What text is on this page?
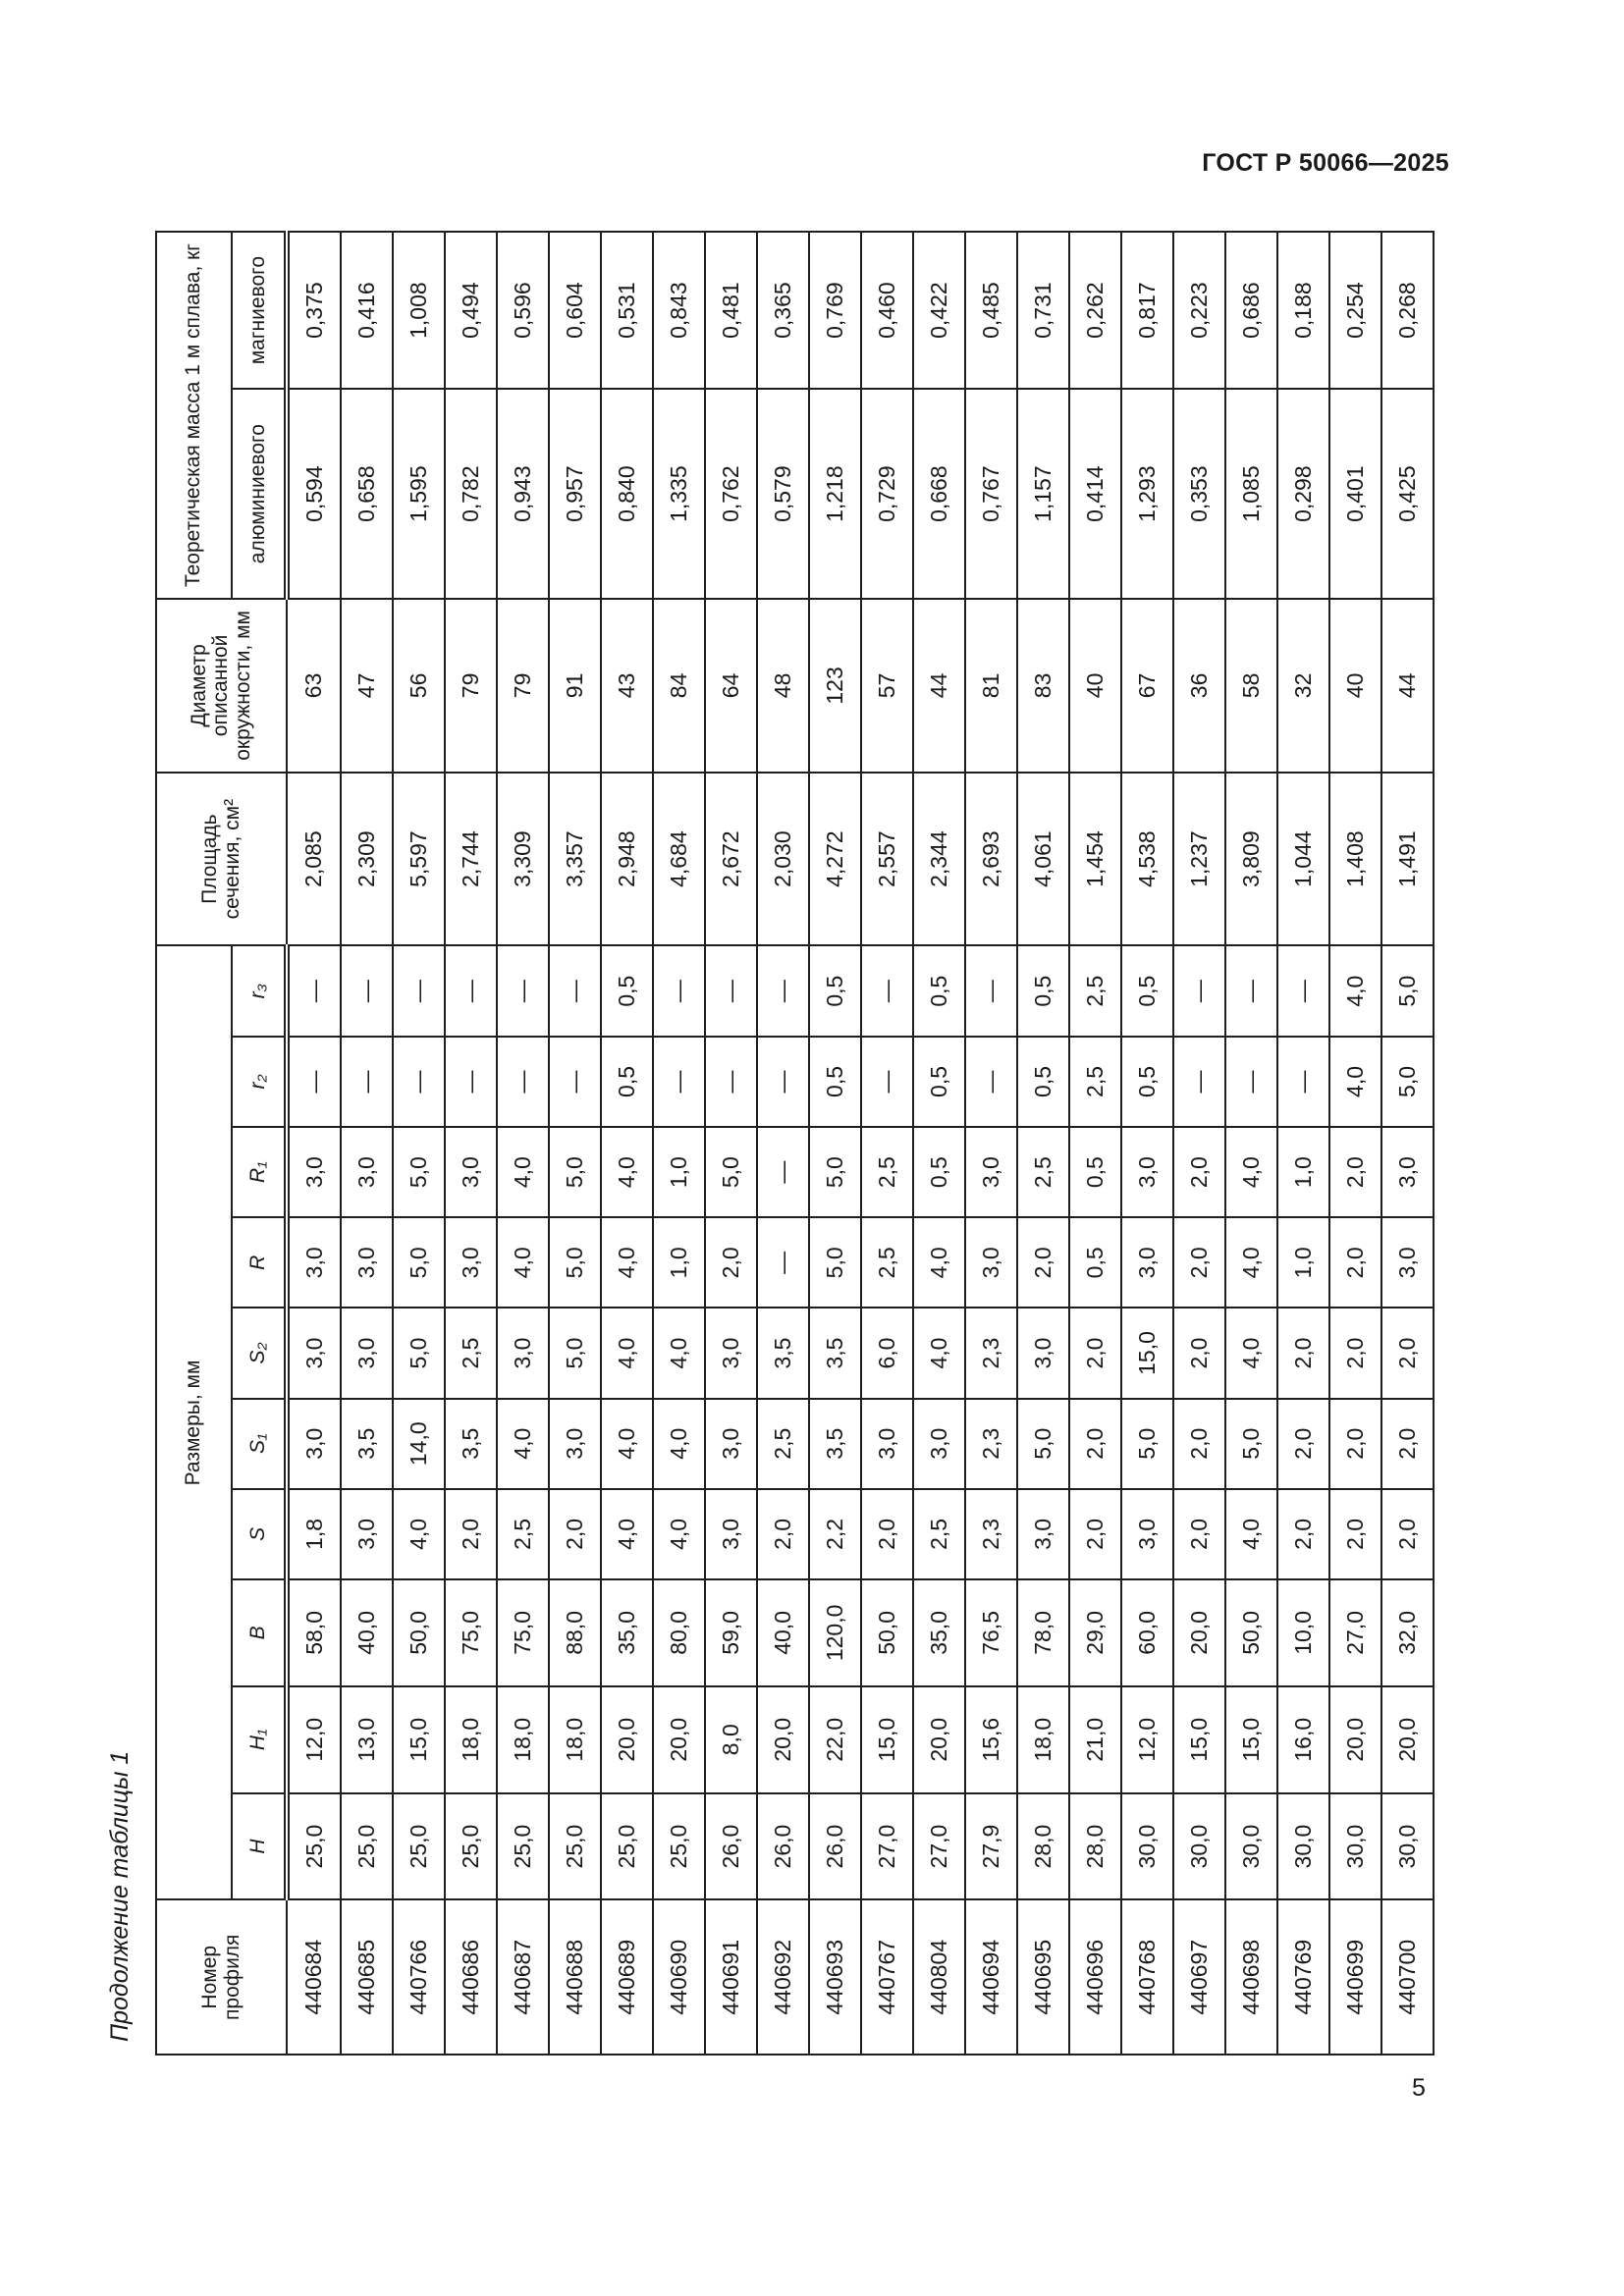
ГОСТ Р 50066—2025
Продолжение таблицы 1	Номер профиля	Размеры, мм										Площадь сечения, см²	Диаметр описанной окружности, мм	Теоретическая масса 1 м сплава, кг	
	H	H₁	B	S	S₁	S₂	R	R₁	r₂	r₃			алюминиевого	магниевого
440684	25,0	12,0	58,0	1,8	3,0	3,0	3,0	3,0	—	—	2,085	63	0,594	0,375
440685	25,0	13,0	40,0	3,0	3,5	3,0	3,0	3,0	—	—	2,309	47	0,658	0,416
440766	25,0	15,0	50,0	4,0	14,0	5,0	5,0	5,0	—	—	5,597	56	1,595	1,008
440686	25,0	18,0	75,0	2,0	3,5	2,5	3,0	3,0	—	—	2,744	79	0,782	0,494
440687	25,0	18,0	75,0	2,5	4,0	3,0	4,0	4,0	—	—	3,309	79	0,943	0,596
440688	25,0	18,0	88,0	2,0	3,0	5,0	5,0	5,0	—	—	3,357	91	0,957	0,604
440689	25,0	20,0	35,0	4,0	4,0	4,0	4,0	4,0	0,5	0,5	2,948	43	0,840	0,531
440690	25,0	20,0	80,0	4,0	4,0	4,0	1,0	1,0	—	—	4,684	84	1,335	0,843
440691	26,0	8,0	59,0	3,0	3,0	3,0	2,0	5,0	—	—	2,672	64	0,762	0,481
440692	26,0	20,0	40,0	2,0	2,5	3,5	—	—	—	—	2,030	48	0,579	0,365
440693	26,0	22,0	120,0	2,2	3,5	3,5	5,0	5,0	0,5	0,5	4,272	123	1,218	0,769
440767	27,0	15,0	50,0	2,0	3,0	6,0	2,5	2,5	—	—	2,557	57	0,729	0,460
440804	27,0	20,0	35,0	2,5	3,0	4,0	4,0	0,5	0,5	0,5	2,344	44	0,668	0,422
440694	27,9	15,6	76,5	2,3	2,3	2,3	3,0	3,0	—	—	2,693	81	0,767	0,485
440695	28,0	18,0	78,0	3,0	5,0	3,0	2,0	2,5	0,5	0,5	4,061	83	1,157	0,731
440696	28,0	21,0	29,0	2,0	2,0	2,0	0,5	0,5	2,5	2,5	1,454	40	0,414	0,262
440768	30,0	12,0	60,0	3,0	5,0	15,0	3,0	3,0	0,5	0,5	4,538	67	1,293	0,817
440697	30,0	15,0	20,0	2,0	2,0	2,0	2,0	2,0	—	—	1,237	36	0,353	0,223
440698	30,0	15,0	50,0	4,0	5,0	4,0	4,0	4,0	—	—	3,809	58	1,085	0,686
440769	30,0	16,0	10,0	2,0	2,0	2,0	1,0	1,0	—	—	1,044	32	0,298	0,188
440699	30,0	20,0	27,0	2,0	2,0	2,0	2,0	2,0	4,0	4,0	1,408	40	0,401	0,254
440700	30,0	20,0	32,0	2,0	2,0	2,0	3,0	3,0	5,0	5,0	1,491	44	0,425	0,268
5
